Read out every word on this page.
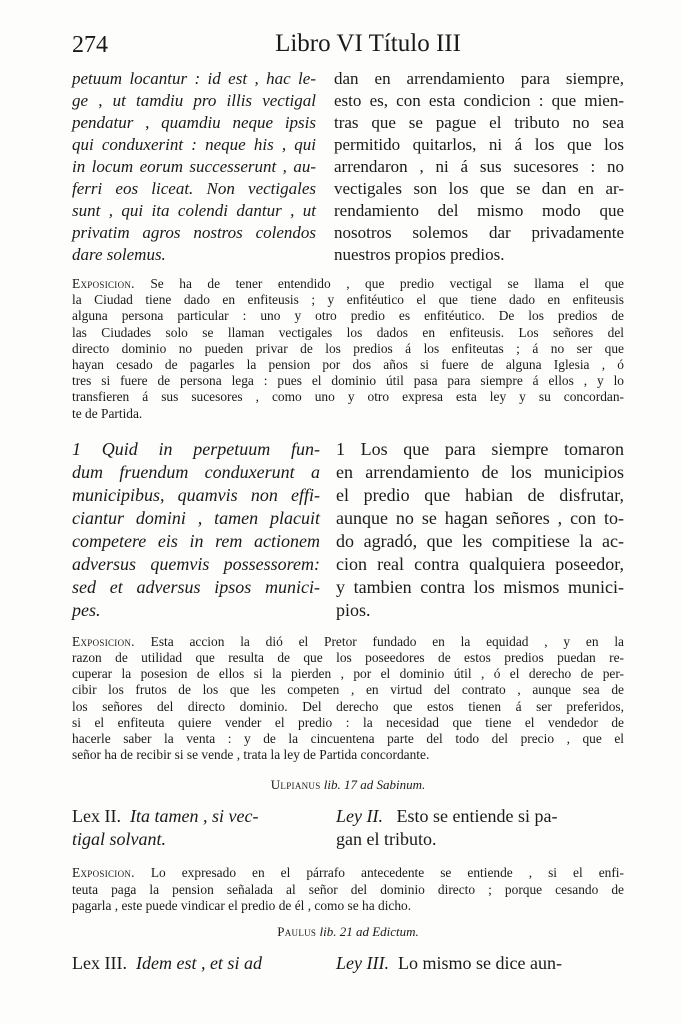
274	Libro VI Título III
petuum locantur : id est , hac le-
ge , ut tamdiu pro illis vectigal
pendatur , quamdiu neque ipsis
qui conduxerint : neque his , qui
in locum eorum successerunt , au-
ferri eos liceat. Non vectigales
sunt , qui ita colendi dantur , ut
privatim agros nostros colendos
dare solemus.
dan en arrendamiento para siempre,
esto es, con esta condicion : que mien-
tras que se pague el tributo no sea
permitido quitarlos, ni á los que los
arrendaron , ni á sus sucesores : no
vectigales son los que se dan en ar-
rendamiento del mismo modo que
nosotros solemos dar privadamente
nuestros propios predios.
Exposicion. Se ha de tener entendido , que predio vectigal se llama el que
la Ciudad tiene dado en enfiteusis ; y enfitéutico el que tiene dado en enfiteusis
alguna persona particular : uno y otro predio es enfitéutico. De los predios de
las Ciudades solo se llaman vectigales los dados en enfiteusis. Los señores del
directo dominio no pueden privar de los predios á los enfiteutas ; á no ser que
hayan cesado de pagarles la pension por dos años si fuere de alguna Iglesia , ó
tres si fuere de persona lega : pues el dominio útil pasa para siempre á ellos , y lo
transfieren á sus sucesores , como uno y otro expresa esta ley y su concordan-
te de Partida.
1 Quid in perpetuum fun-
dum fruendum conduxerunt a
municipibus, quamvis non effi-
ciantur domini , tamen placuit
competere eis in rem actionem
adversus quemvis possessorem:
sed et adversus ipsos munici-
pes.
1 Los que para siempre tomaron
en arrendamiento de los municipios
el predio que habian de disfrutar,
aunque no se hagan señores , con to-
do agradó, que les compitiese la ac-
cion real contra qualquiera poseedor,
y tambien contra los mismos munici-
pios.
Exposicion. Esta accion la dió el Pretor fundado en la equidad , y en la
razon de utilidad que resulta de que los poseedores de estos predios puedan re-
cuperar la posesion de ellos si la pierden , por el dominio útil , ó el derecho de per-
cibir los frutos de los que les competen , en virtud del contrato , aunque sea de
los señores del directo dominio. Del derecho que estos tienen á ser preferidos,
si el enfiteuta quiere vender el predio : la necesidad que tiene el vendedor de
hacerle saber la venta : y de la cincuentena parte del todo del precio , que el
señor ha de recibir si se vende , trata la ley de Partida concordante.
Ulpianus lib. 17 ad Sabinum.
Lex II. Ita tamen , si vec-
tigal solvant.
Ley II. Esto se entiende si pa-
gan el tributo.
Exposicion. Lo expresado en el párrafo antecedente se entiende , si el enfi-
teuta paga la pension señalada al señor del dominio directo ; porque cesando de
pagarla , este puede vindicar el predio de él , como se ha dicho.
Paulus lib. 21 ad Edictum.
Lex III. Idem est , et si ad	Ley III. Lo mismo se dice aun-
